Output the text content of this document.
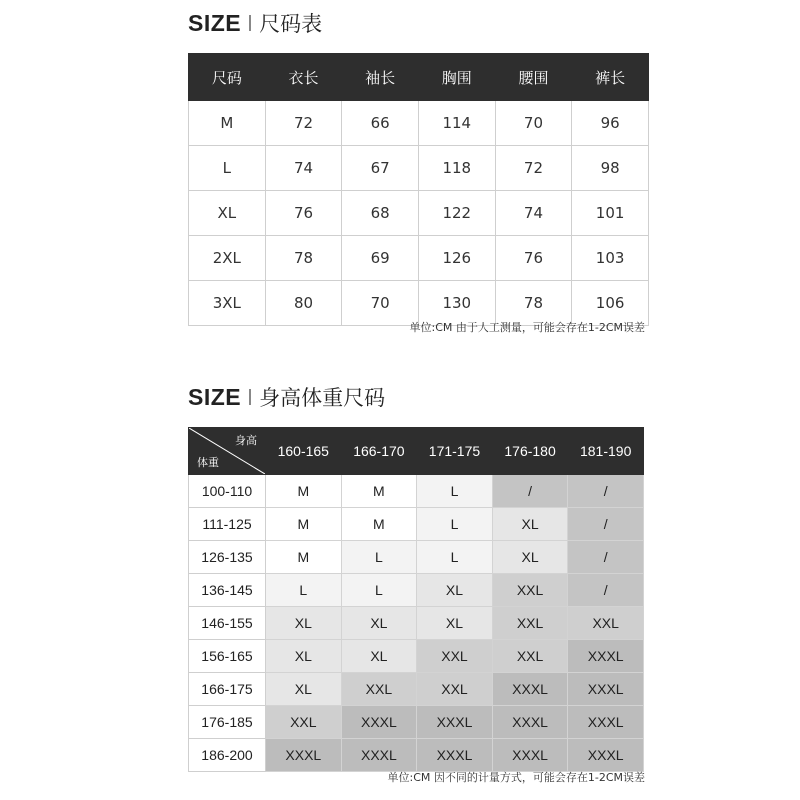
SIZE 尺码表
尺码	衣长	袖长	胸围	腰围	裤长
M	72	66	114	70	96
L	74	67	118	72	98
XL	76	68	122	74	101
2XL	78	69	126	76	103
3XL	80	70	130	78	106
单位:CM 由于人工测量，可能会存在1-2CM误差
SIZE 身高体重尺码
身高
体重	160-165	166-170	171-175	176-180	181-190
100-110	M	M	L	/	/
111-125	M	M	L	XL	/
126-135	M	L	L	XL	/
136-145	L	L	XL	XXL	/
146-155	XL	XL	XL	XXL	XXL
156-165	XL	XL	XXL	XXL	XXXL
166-175	XL	XXL	XXL	XXXL	XXXL
176-185	XXL	XXXL	XXXL	XXXL	XXXL
186-200	XXXL	XXXL	XXXL	XXXL	XXXL
单位:CM 因不同的计量方式，可能会存在1-2CM误差
